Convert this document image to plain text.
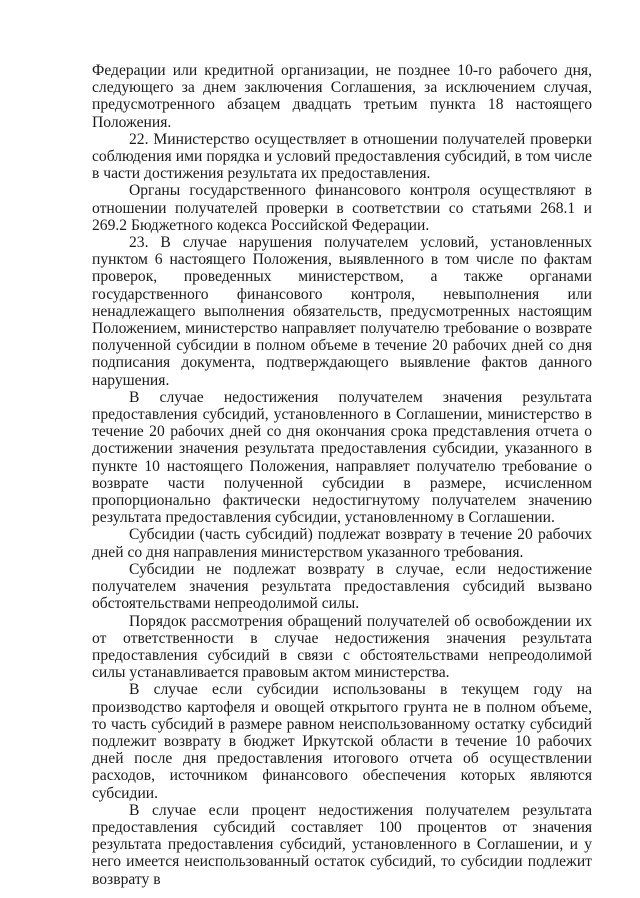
Федерации или кредитной организации, не позднее 10-го рабочего дня, следующего за днем заключения Соглашения, за исключением случая, предусмотренного абзацем двадцать третьим пункта 18 настоящего Положения.

22. Министерство осуществляет в отношении получателей проверки соблюдения ими порядка и условий предоставления субсидий, в том числе в части достижения результата их предоставления.

Органы государственного финансового контроля осуществляют в отношении получателей проверки в соответствии со статьями 268.1 и 269.2 Бюджетного кодекса Российской Федерации.

23. В случае нарушения получателем условий, установленных пунктом 6 настоящего Положения, выявленного в том числе по фактам проверок, проведенных министерством, а также органами государственного финансового контроля, невыполнения или ненадлежащего выполнения обязательств, предусмотренных настоящим Положением, министерство направляет получателю требование о возврате полученной субсидии в полном объеме в течение 20 рабочих дней со дня подписания документа, подтверждающего выявление фактов данного нарушения.

В случае недостижения получателем значения результата предоставления субсидий, установленного в Соглашении, министерство в течение 20 рабочих дней со дня окончания срока представления отчета о достижении значения результата предоставления субсидии, указанного в пункте 10 настоящего Положения, направляет получателю требование о возврате части полученной субсидии в размере, исчисленном пропорционально фактически недостигнутому получателем значению результата предоставления субсидии, установленному в Соглашении.

Субсидии (часть субсидий) подлежат возврату в течение 20 рабочих дней со дня направления министерством указанного требования.

Субсидии не подлежат возврату в случае, если недостижение получателем значения результата предоставления субсидий вызвано обстоятельствами непреодолимой силы.

Порядок рассмотрения обращений получателей об освобождении их от ответственности в случае недостижения значения результата предоставления субсидий в связи с обстоятельствами непреодолимой силы устанавливается правовым актом министерства.

В случае если субсидии использованы в текущем году на производство картофеля и овощей открытого грунта не в полном объеме, то часть субсидий в размере равном неиспользованному остатку субсидий подлежит возврату в бюджет Иркутской области в течение 10 рабочих дней после дня предоставления итогового отчета об осуществлении расходов, источником финансового обеспечения которых являются субсидии.

В случае если процент недостижения получателем результата предоставления субсидий составляет 100 процентов от значения результата предоставления субсидий, установленного в Соглашении, и у него имеется неиспользованный остаток субсидий, то субсидии подлежит возврату в
